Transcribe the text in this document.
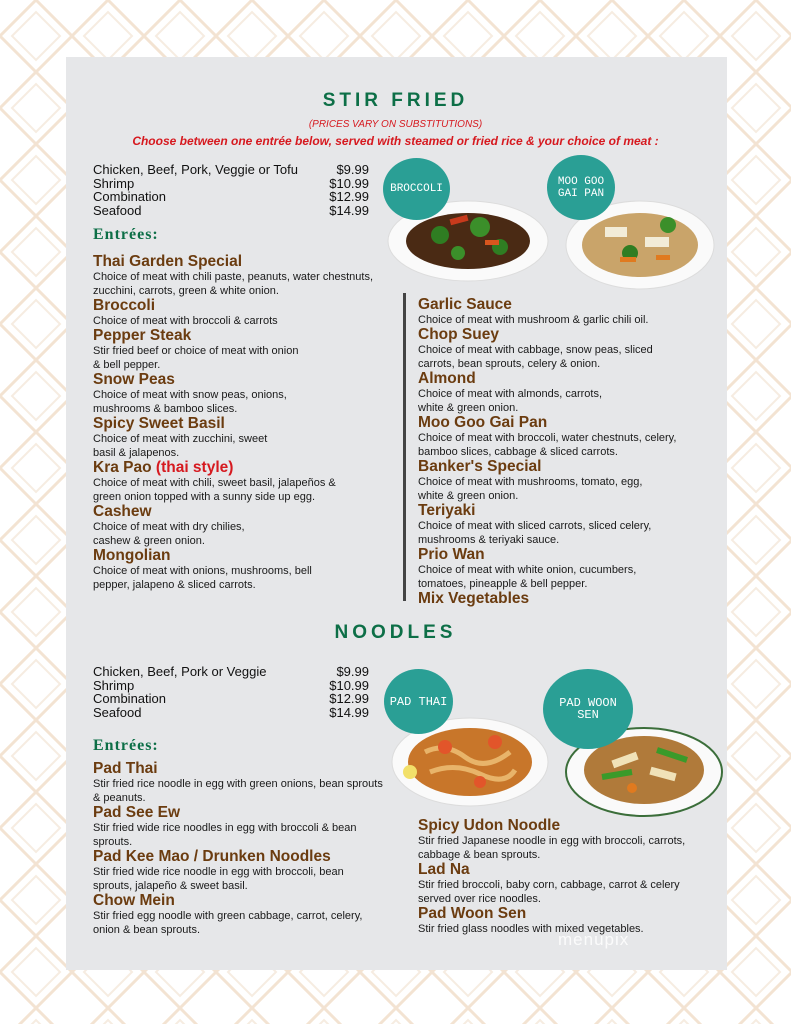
STIR FRIED
(PRICES VARY ON SUBSTITUTIONS)
Choose between one entrée below, served with steamed or fried rice & your choice of meat :
Chicken, Beef, Pork, Veggie or Tofu	$9.99
Shrimp	$10.99
Combination	$12.99
Seafood	$14.99
Entrées:
BROCCOLI
MOO GOO GAI PAN
Thai Garden Special
Choice of meat with chili paste, peanuts, water chestnuts, zucchini, carrots, green & white onion.
Broccoli
Choice of meat with broccoli & carrots
Pepper Steak
Stir fried beef or choice of meat with onion & bell pepper.
Snow Peas
Choice of meat with snow peas, onions, mushrooms & bamboo slices.
Spicy Sweet Basil
Choice of meat with zucchini, sweet basil & jalapenos.
Kra Pao (thai style)
Choice of meat with chili, sweet basil, jalapeños & green onion topped with a sunny side up egg.
Cashew
Choice of meat with dry chilies, cashew & green onion.
Mongolian
Choice of meat with onions, mushrooms, bell pepper, jalapeno & sliced carrots.
Garlic Sauce
Choice of meat with mushroom & garlic chili oil.
Chop Suey
Choice of meat with cabbage, snow peas, sliced carrots, bean sprouts, celery & onion.
Almond
Choice of meat with almonds, carrots, white & green onion.
Moo Goo Gai Pan
Choice of meat with broccoli, water chestnuts, celery, bamboo slices, cabbage & sliced carrots.
Banker's Special
Choice of meat with mushrooms, tomato, egg, white & green onion.
Teriyaki
Choice of meat with sliced carrots, sliced celery, mushrooms & teriyaki sauce.
Prio Wan
Choice of meat with white onion, cucumbers, tomatoes, pineapple & bell pepper.
Mix Vegetables
NOODLES
Chicken, Beef, Pork or Veggie	$9.99
Shrimp	$10.99
Combination	$12.99
Seafood	$14.99
Entrées:
PAD THAI	PAD WOON SEN
Pad Thai
Stir fried rice noodle in egg with green onions, bean sprouts & peanuts.
Pad See Ew
Stir fried wide rice noodles in egg with broccoli & bean sprouts.
Pad Kee Mao / Drunken Noodles
Stir fried wide rice noodle in egg with broccoli, bean sprouts, jalapeño & sweet basil.
Chow Mein
Stir fried egg noodle with green cabbage, carrot, celery, onion & bean sprouts.
Spicy Udon Noodle
Stir fried Japanese noodle in egg with broccoli, carrots, cabbage & bean sprouts.
Lad Na
Stir fried broccoli, baby corn, cabbage, carrot & celery served over rice noodles.
Pad Woon Sen
Stir fried glass noodles with mixed vegetables.
menupix
